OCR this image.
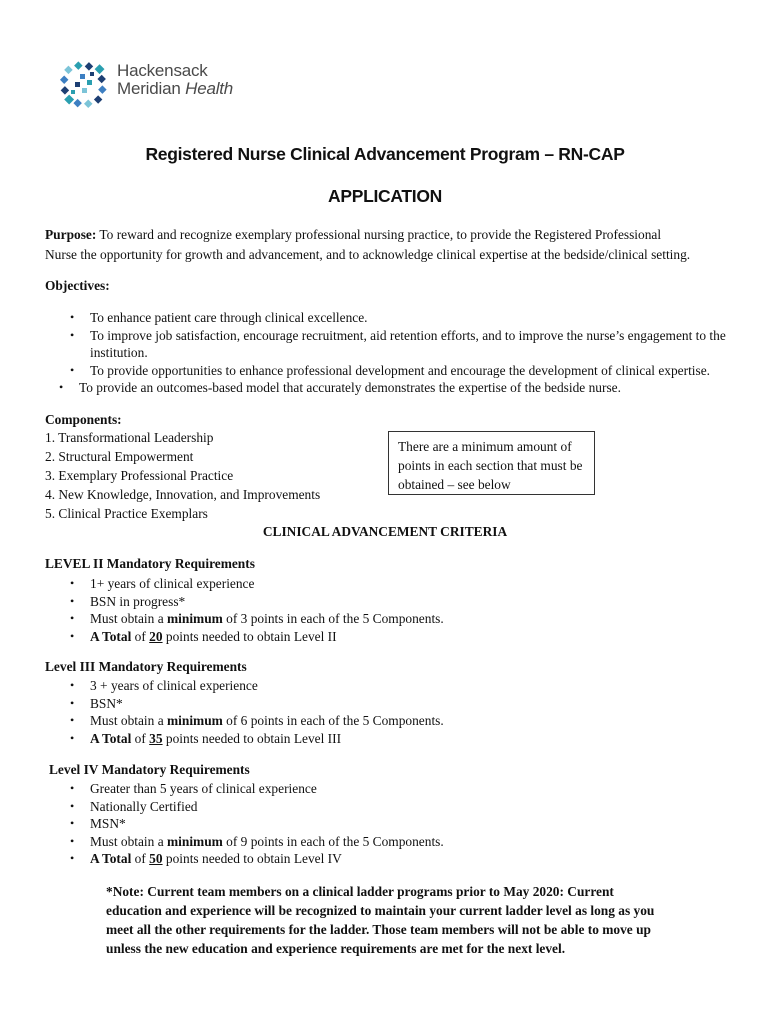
Hackensack
Meridian Health
Registered Nurse Clinical Advancement Program – RN-CAP
APPLICATION
Purpose: To reward and recognize exemplary professional nursing practice, to provide the Registered Professional
Nurse the opportunity for growth and advancement, and to acknowledge clinical expertise at the bedside/clinical setting.
Objectives:
• To enhance patient care through clinical excellence.
• To improve job satisfaction, encourage recruitment, aid retention efforts, and to improve the nurse’s engagement to the institution.
• To provide opportunities to enhance professional development and encourage the development of clinical expertise.
• To provide an outcomes-based model that accurately demonstrates the expertise of the bedside nurse.
Components:
1. Transformational Leadership
2. Structural Empowerment
3. Exemplary Professional Practice
4. New Knowledge, Innovation, and Improvements
5. Clinical Practice Exemplars
There are a minimum amount of points in each section that must be obtained – see below
CLINICAL ADVANCEMENT CRITERIA
LEVEL II Mandatory Requirements
• 1+ years of clinical experience
• BSN in progress*
• Must obtain a minimum of 3 points in each of the 5 Components.
• A Total of 20 points needed to obtain Level II
Level III Mandatory Requirements
• 3 + years of clinical experience
• BSN*
• Must obtain a minimum of 6 points in each of the 5 Components.
• A Total of 35 points needed to obtain Level III
Level IV Mandatory Requirements
• Greater than 5 years of clinical experience
• Nationally Certified
• MSN*
• Must obtain a minimum of 9 points in each of the 5 Components.
• A Total of 50 points needed to obtain Level IV
*Note: Current team members on a clinical ladder programs prior to May 2020: Current education and experience will be recognized to maintain your current ladder level as long as you meet all the other requirements for the ladder. Those team members will not be able to move up unless the new education and experience requirements are met for the next level.
